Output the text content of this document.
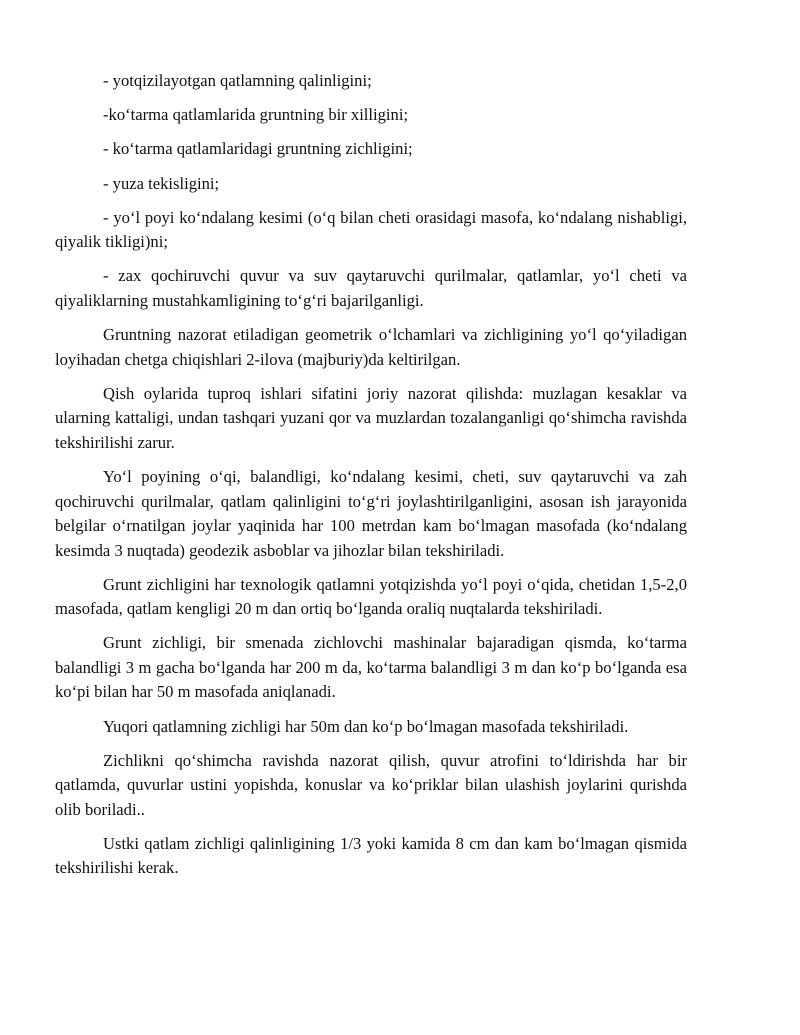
- yotqizilayotgan qatlamning qalinligini;

-ko‘tarma qatlamlarida gruntning bir xilligini;

- ko‘tarma qatlamlaridagi gruntning zichligini;

- yuza tekisligini;

- yo‘l poyi ko‘ndalang kesimi (o‘q bilan cheti orasidagi masofa, ko‘ndalang nishabligi, qiyalik tikligi)ni;

- zax qochiruvchi quvur va suv qaytaruvchi qurilmalar, qatlamlar, yo‘l cheti va qiyaliklarning mustahkamligining to‘g‘ri bajarilganligi.

Gruntning nazorat etiladigan geometrik o‘lchamlari va zichligining yo‘l qo‘yiladigan loyihadan chetga chiqishlari 2-ilova (majburiy)da keltirilgan.

Qish oylarida tuproq ishlari sifatini joriy nazorat qilishda: muzlagan kesaklar va ularning kattaligi, undan tashqari yuzani qor va muzlardan tozalanganligi qo‘shimcha ravishda tekshirilishi zarur.

Yo‘l poyining o‘qi, balandligi, ko‘ndalang kesimi, cheti, suv qaytaruvchi va zah qochiruvchi qurilmalar, qatlam qalinligini to‘g‘ri joylashtirilganligini, asosan ish jarayonida belgilar o‘rnatilgan joylar yaqinida har 100 metrdan kam bo‘lmagan masofada (ko‘ndalang kesimda 3 nuqtada) geodezik asboblar va jihozlar bilan tekshiriladi.

Grunt zichligini har texnologik qatlamni yotqizishda yo‘l poyi o‘qida, chetidan 1,5-2,0 masofada, qatlam kengligi 20 m dan ortiq bo‘lganda oraliq nuqtalarda tekshiriladi.

Grunt zichligi, bir smenada zichlovchi mashinalar bajaradigan qismda, ko‘tarma balandligi 3 m gacha bo‘lganda har 200 m da, ko‘tarma balandligi 3 m dan ko‘p bo‘lganda esa ko‘pi bilan har 50 m masofada aniqlanadi.

Yuqori qatlamning zichligi har 50m dan ko‘p bo‘lmagan masofada tekshiriladi.

Zichlikni qo‘shimcha ravishda nazorat qilish, quvur atrofini to‘ldirishda har bir qatlamda, quvurlar ustini yopishda, konuslar va ko‘priklar bilan ulashish joylarini qurishda olib boriladi..

Ustki qatlam zichligi qalinligining 1/3 yoki kamida 8 cm dan kam bo‘lmagan qismida tekshirilishi kerak.
